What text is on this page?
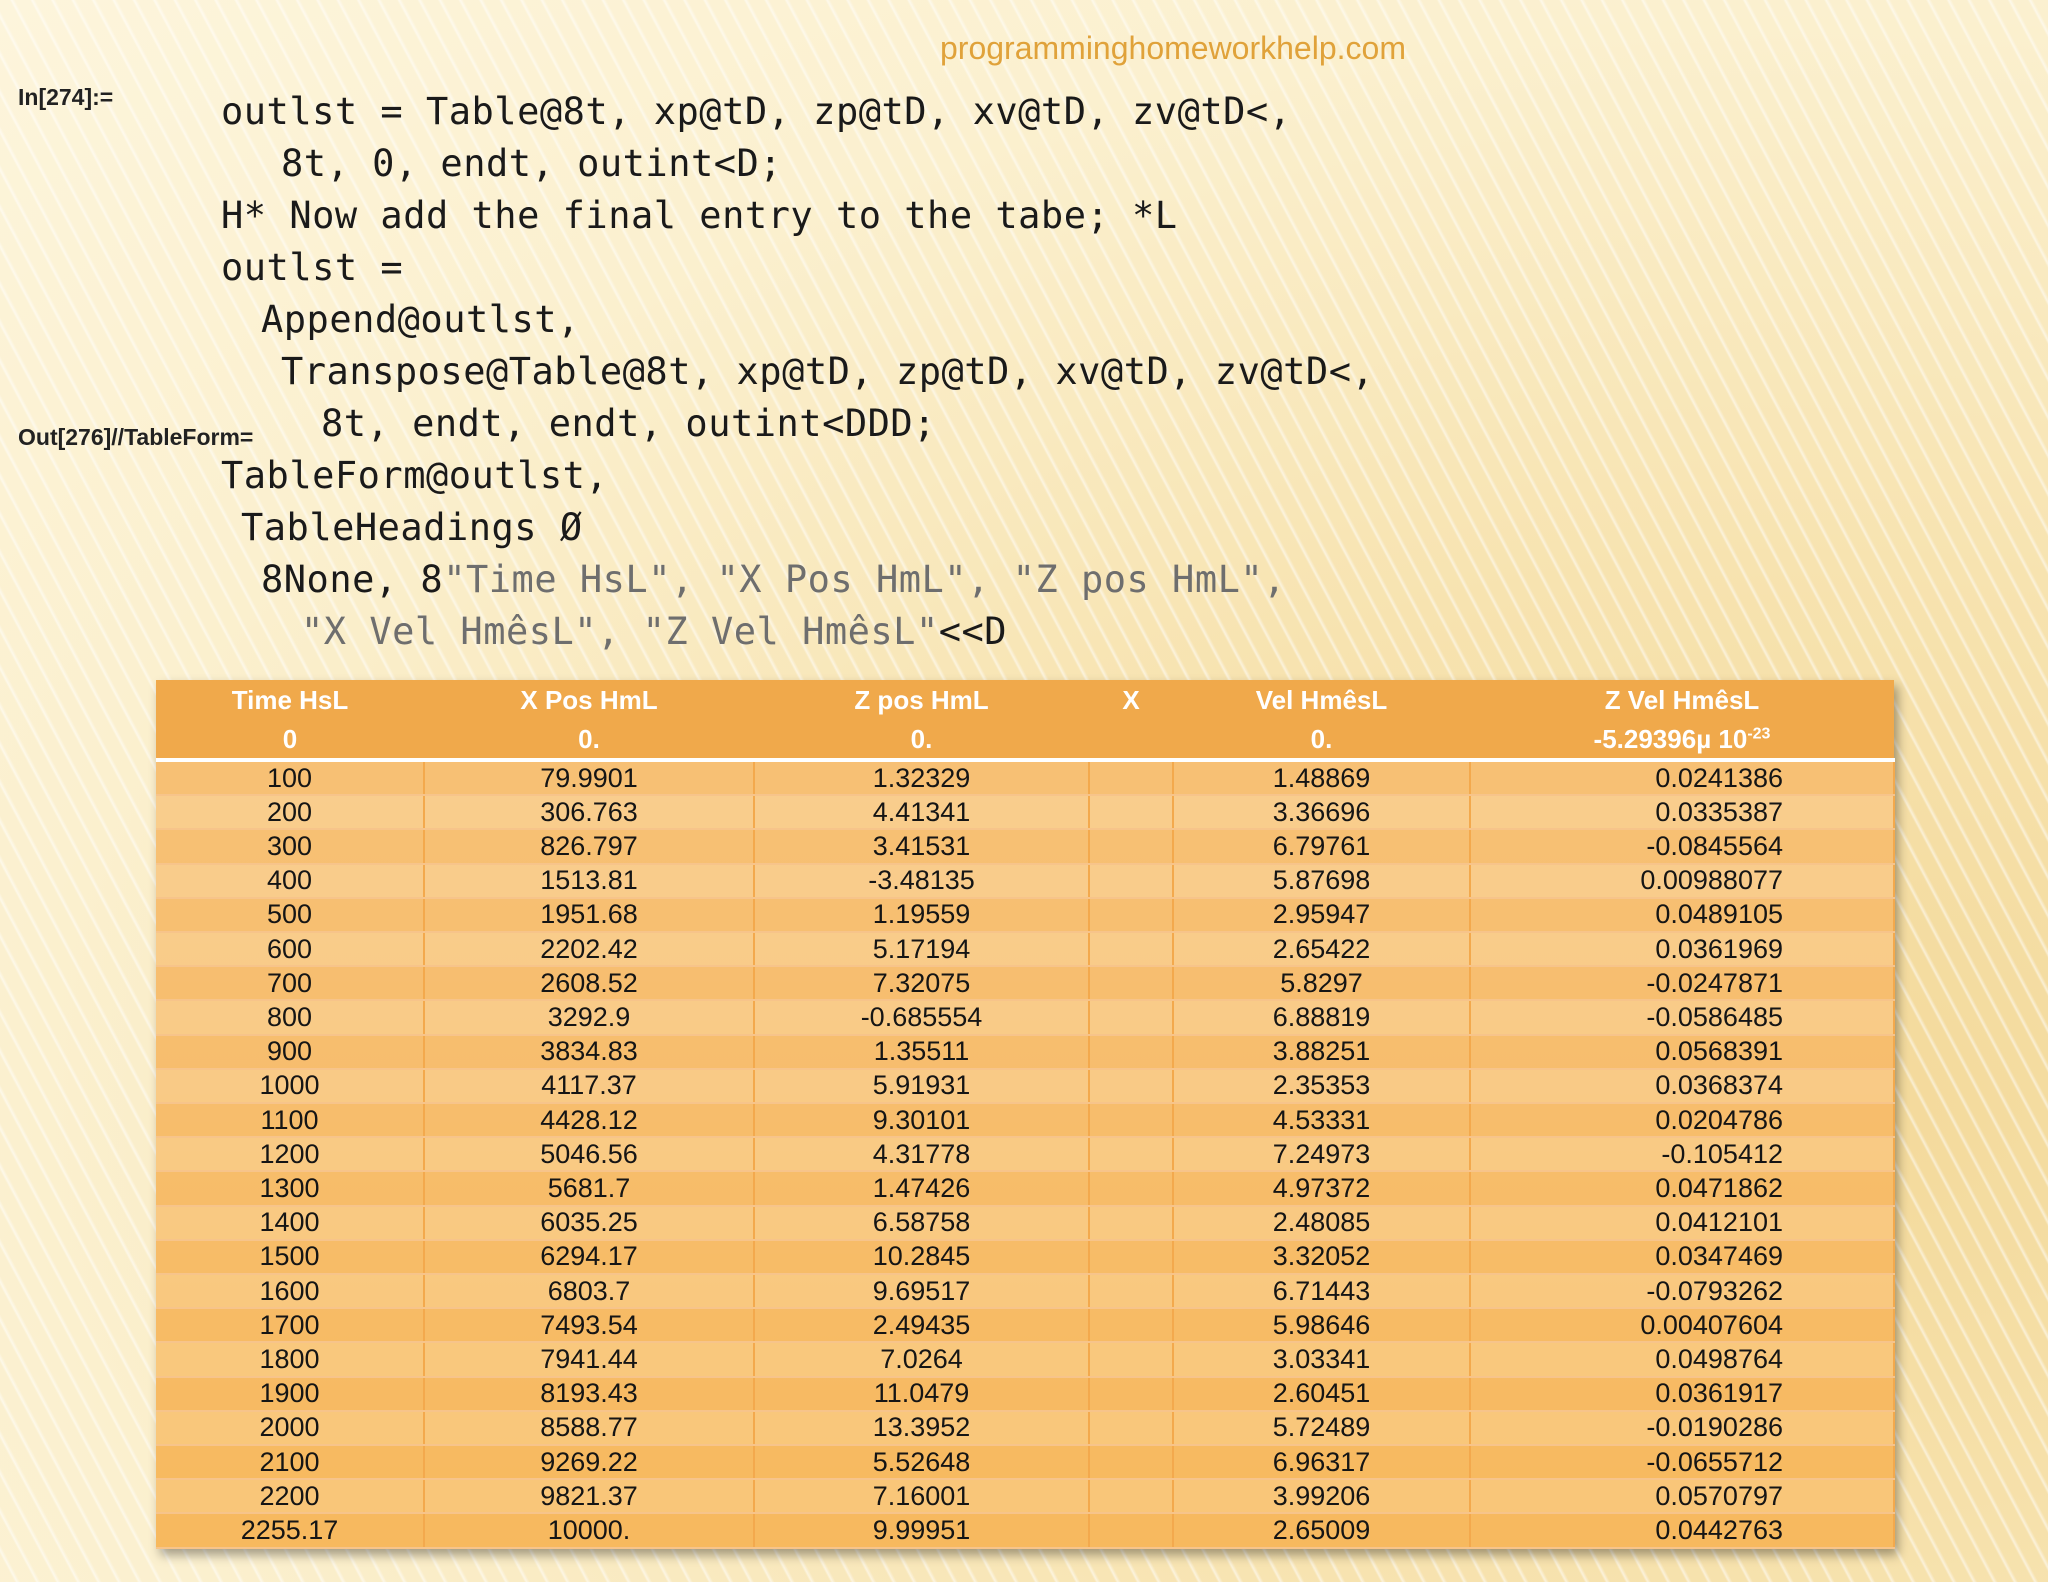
programminghomeworkhelp.com
In[274]:=
Out[276]//TableForm=

outlst = Table@8t, xp@tD, zp@tD, xv@tD, zv@tD<,

8t, 0, endt, outint<D;

H* Now add the final entry to the tabe; *L

outlst =

Append@outlst,

Transpose@Table@8t, xp@tD, zp@tD, xv@tD, zv@tD<,

8t, endt, endt, outint<DDD;

TableForm@outlst,

TableHeadings Ø

8None, 8"Time HsL", "X Pos HmL", "Z pos HmL",

"X Vel HmêsL", "Z Vel HmêsL"<<D

Time HsL	X Pos HmL	Z pos HmL	X	Vel HmêsL	Z Vel HmêsL
0	0.	0.		0.	-5.29396µ $10^{-23}$
100	79.9901	1.32329		1.48869	0.0241386
200	306.763	4.41341		3.36696	0.0335387
300	826.797	3.41531		6.79761	-0.0845564
400	1513.81	-3.48135		5.87698	0.00988077
500	1951.68	1.19559		2.95947	0.0489105
600	2202.42	5.17194		2.65422	0.0361969
700	2608.52	7.32075		5.8297	-0.0247871
800	3292.9	-0.685554		6.88819	-0.0586485
900	3834.83	1.35511		3.88251	0.0568391
1000	4117.37	5.91931		2.35353	0.0368374
1100	4428.12	9.30101		4.53331	0.0204786
1200	5046.56	4.31778		7.24973	-0.105412
1300	5681.7	1.47426		4.97372	0.0471862
1400	6035.25	6.58758		2.48085	0.0412101
1500	6294.17	10.2845		3.32052	0.0347469
1600	6803.7	9.69517		6.71443	-0.0793262
1700	7493.54	2.49435		5.98646	0.00407604
1800	7941.44	7.0264		3.03341	0.0498764
1900	8193.43	11.0479		2.60451	0.0361917
2000	8588.77	13.3952		5.72489	-0.0190286
2100	9269.22	5.52648		6.96317	-0.0655712
2200	9821.37	7.16001		3.99206	0.0570797
2255.17	10000.	9.99951		2.65009	0.0442763
